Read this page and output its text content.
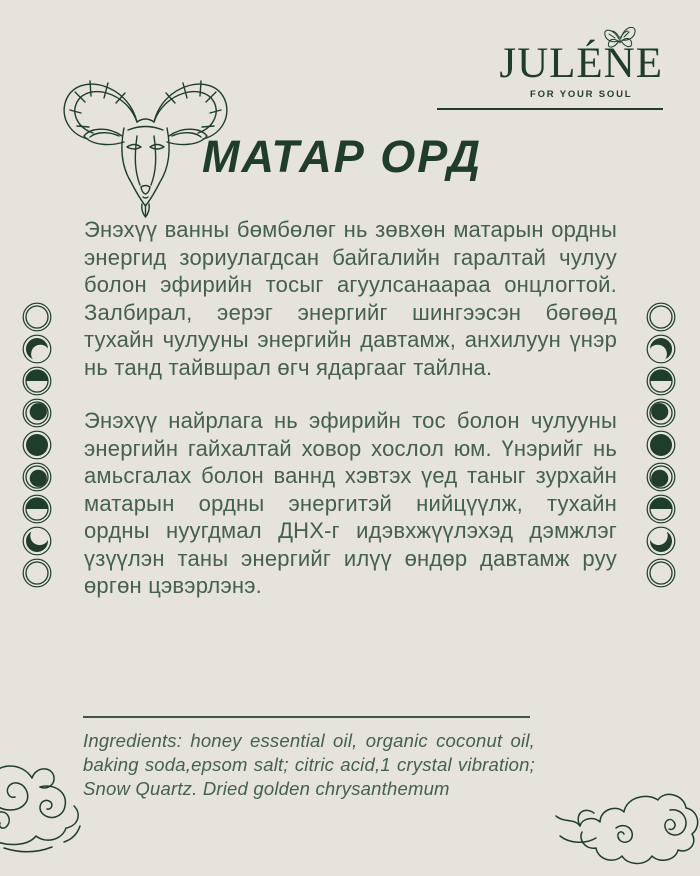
JULÉNE
FOR YOUR SOUL
МАТАР ОРД

Энэхүү ванны бөмбөлөг нь зөвхөн матарын ордны энергид зориулагдсан байгалийн гаралтай чулуу болон эфирийн тосыг агуулсанаараа онцлогтой. Залбирал, эерэг энергийг шингээсэн бөгөөд тухайн чулууны энергийн давтамж, анхилуун үнэр нь танд тайвшрал өгч ядаргааг тайлна.

Энэхүү найрлага нь эфирийн тос болон чулууны энергийн гайхалтай ховор хослол юм. Үнэрийг нь амьсгалах болон ваннд хэвтэх үед таныг зурхайн матарын ордны энергитэй нийцүүлж, тухайн ордны нуугдмал ДНХ-г идэвхжүүлэхэд дэмжлэг үзүүлэн таны энергийг илүү өндөр давтамж руу өргөн цэвэрлэнэ.

Ingredients: honey essential oil, organic coconut oil, baking soda,epsom salt; citric acid,1 crystal vibration; Snow Quartz. Dried golden chrysanthemum
